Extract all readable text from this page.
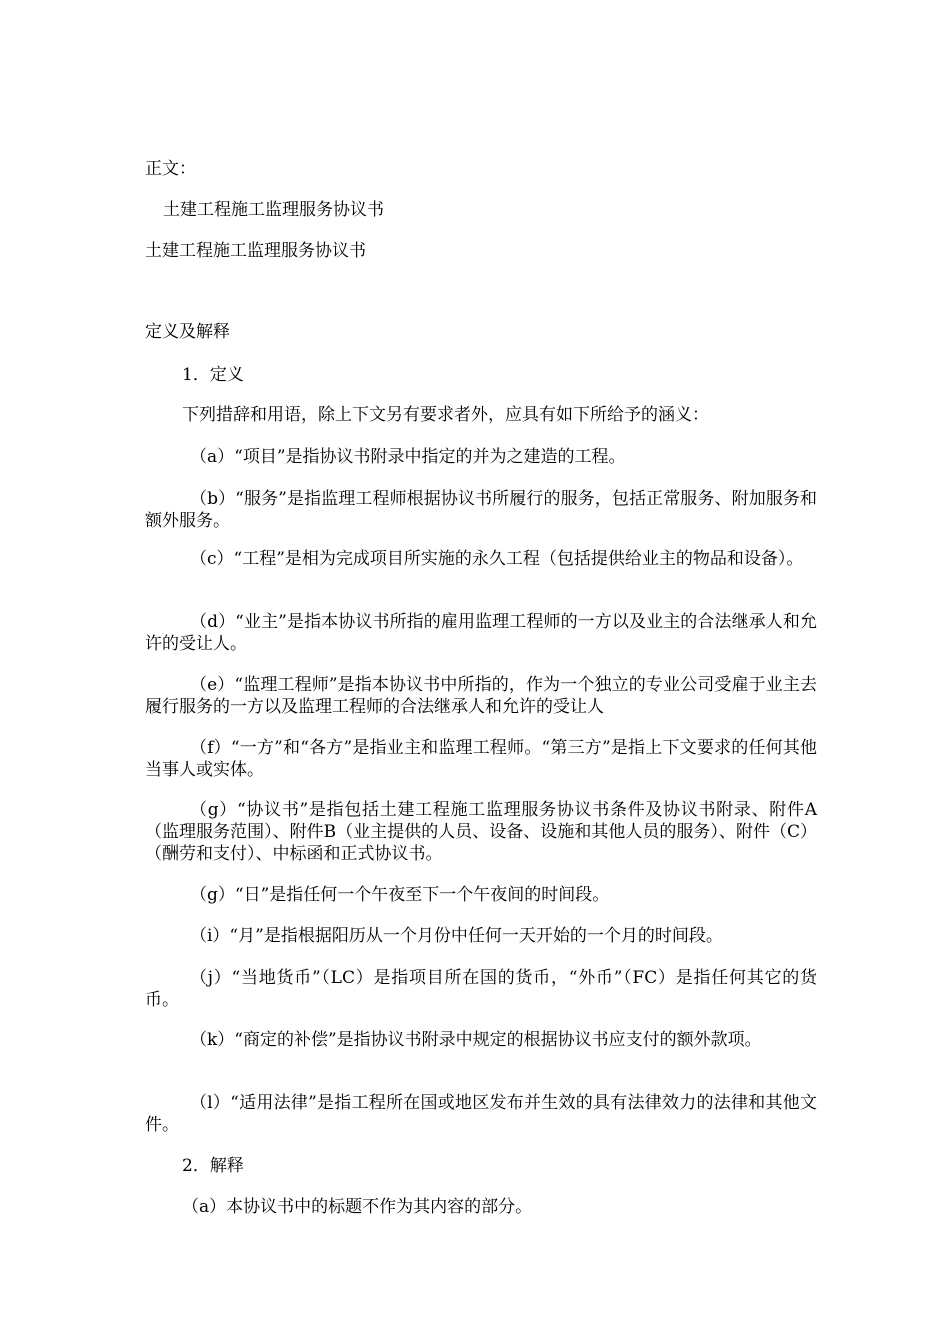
正文：
土建工程施工监理服务协议书
土建工程施工监理服务协议书
定义及解释
1．定义
下列措辞和用语，除上下文另有要求者外，应具有如下所给予的涵义：
（a）“项目”是指协议书附录中指定的并为之建造的工程。
（b）“服务”是指监理工程师根据协议书所履行的服务，包括正常服务、附加服务和额外服务。
（c）“工程”是相为完成项目所实施的永久工程（包括提供给业主的物品和设备）。
（d）“业主”是指本协议书所指的雇用监理工程师的一方以及业主的合法继承人和允许的受让人。
（e）“监理工程师”是指本协议书中所指的，作为一个独立的专业公司受雇于业主去履行服务的一方以及监理工程师的合法继承人和允许的受让人
（f）“一方”和“各方”是指业主和监理工程师。“第三方”是指上下文要求的任何其他当事人或实体。
（g）“协议书”是指包括土建工程施工监理服务协议书条件及协议书附录、附件A（监理服务范围）、附件B（业主提供的人员、设备、设施和其他人员的服务）、附件（C）（酬劳和支付）、中标函和正式协议书。
（g）“日”是指任何一个午夜至下一个午夜间的时间段。
（i）“月”是指根据阳历从一个月份中任何一天开始的一个月的时间段。
（j）“当地货币”（LC）是指项目所在国的货币，“外币”（FC）是指任何其它的货币。
（k）“商定的补偿”是指协议书附录中规定的根据协议书应支付的额外款项。
（l）“适用法律”是指工程所在国或地区发布并生效的具有法律效力的法律和其他文件。
2．解释
（a）本协议书中的标题不作为其内容的部分。
